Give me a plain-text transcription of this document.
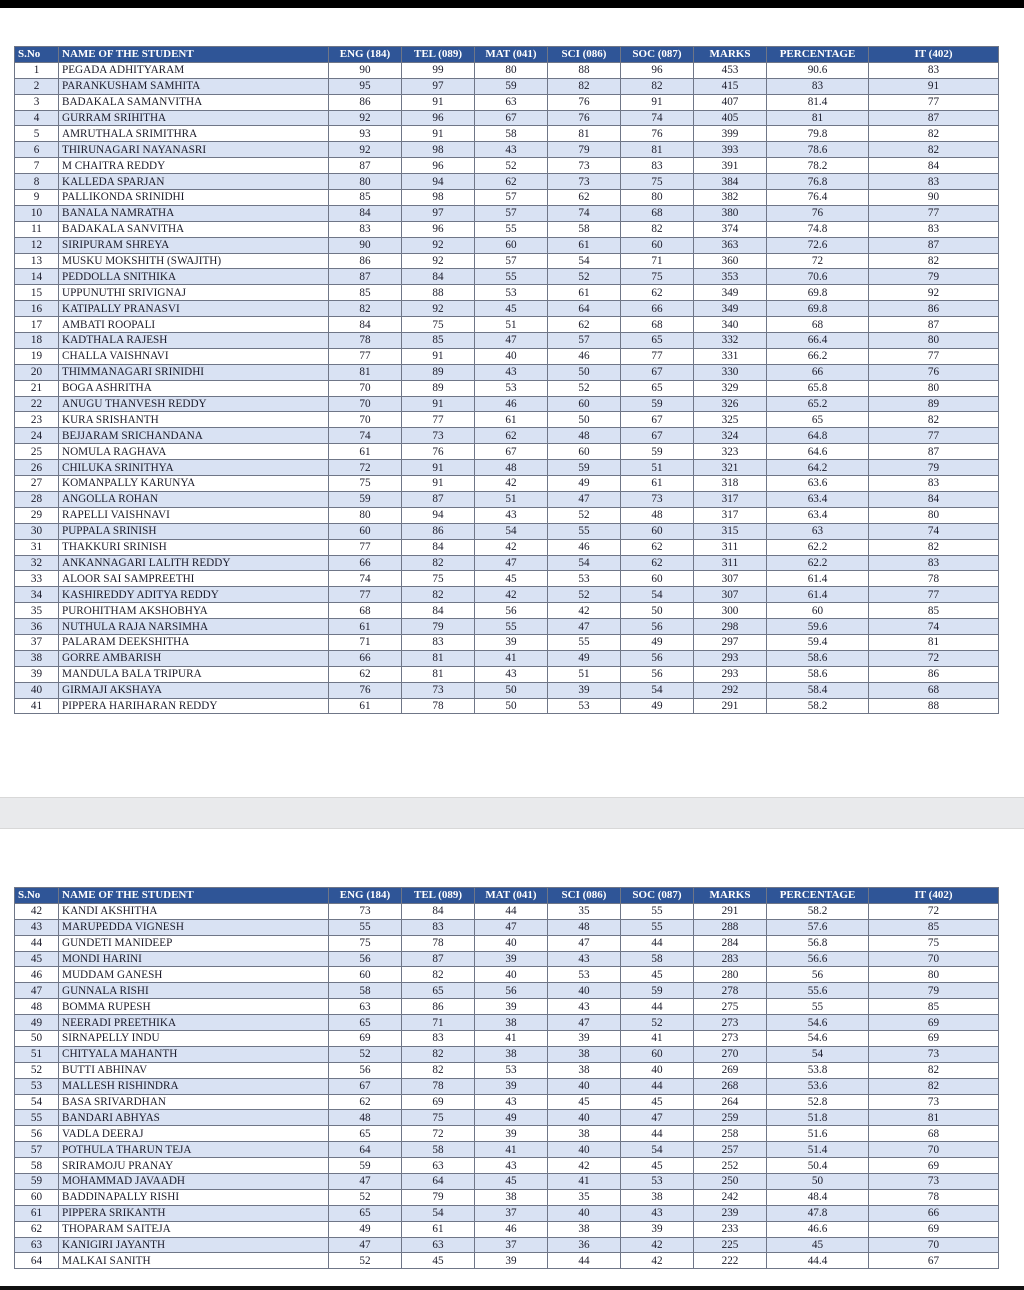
S.No	NAME OF THE STUDENT	ENG (184)	TEL (089)	MAT (041)	SCI (086)	SOC (087)	MARKS	PERCENTAGE	IT (402)
1	PEGADA ADHITYARAM	90	99	80	88	96	453	90.6	83
2	PARANKUSHAM SAMHITA	95	97	59	82	82	415	83	91
3	BADAKALA SAMANVITHA	86	91	63	76	91	407	81.4	77
4	GURRAM SRIHITHA	92	96	67	76	74	405	81	87
5	AMRUTHALA SRIMITHRA	93	91	58	81	76	399	79.8	82
6	THIRUNAGARI NAYANASRI	92	98	43	79	81	393	78.6	82
7	M CHAITRA REDDY	87	96	52	73	83	391	78.2	84
8	KALLEDA SPARJAN	80	94	62	73	75	384	76.8	83
9	PALLIKONDA SRINIDHI	85	98	57	62	80	382	76.4	90
10	BANALA NAMRATHA	84	97	57	74	68	380	76	77
11	BADAKALA SANVITHA	83	96	55	58	82	374	74.8	83
12	SIRIPURAM SHREYA	90	92	60	61	60	363	72.6	87
13	MUSKU MOKSHITH (SWAJITH)	86	92	57	54	71	360	72	82
14	PEDDOLLA SNITHIKA	87	84	55	52	75	353	70.6	79
15	UPPUNUTHI SRIVIGNAJ	85	88	53	61	62	349	69.8	92
16	KATIPALLY PRANASVI	82	92	45	64	66	349	69.8	86
17	AMBATI ROOPALI	84	75	51	62	68	340	68	87
18	KADTHALA RAJESH	78	85	47	57	65	332	66.4	80
19	CHALLA VAISHNAVI	77	91	40	46	77	331	66.2	77
20	THIMMANAGARI SRINIDHI	81	89	43	50	67	330	66	76
21	BOGA ASHRITHA	70	89	53	52	65	329	65.8	80
22	ANUGU THANVESH REDDY	70	91	46	60	59	326	65.2	89
23	KURA SRISHANTH	70	77	61	50	67	325	65	82
24	BEJJARAM SRICHANDANA	74	73	62	48	67	324	64.8	77
25	NOMULA RAGHAVA	61	76	67	60	59	323	64.6	87
26	CHILUKA SRINITHYA	72	91	48	59	51	321	64.2	79
27	KOMANPALLY KARUNYA	75	91	42	49	61	318	63.6	83
28	ANGOLLA ROHAN	59	87	51	47	73	317	63.4	84
29	RAPELLI VAISHNAVI	80	94	43	52	48	317	63.4	80
30	PUPPALA SRINISH	60	86	54	55	60	315	63	74
31	THAKKURI SRINISH	77	84	42	46	62	311	62.2	82
32	ANKANNAGARI LALITH REDDY	66	82	47	54	62	311	62.2	83
33	ALOOR SAI SAMPREETHI	74	75	45	53	60	307	61.4	78
34	KASHIREDDY ADITYA REDDY	77	82	42	52	54	307	61.4	77
35	PUROHITHAM AKSHOBHYA	68	84	56	42	50	300	60	85
36	NUTHULA RAJA NARSIMHA	61	79	55	47	56	298	59.6	74
37	PALARAM DEEKSHITHA	71	83	39	55	49	297	59.4	81
38	GORRE AMBARISH	66	81	41	49	56	293	58.6	72
39	MANDULA BALA TRIPURA	62	81	43	51	56	293	58.6	86
40	GIRMAJI AKSHAYA	76	73	50	39	54	292	58.4	68
41	PIPPERA HARIHARAN REDDY	61	78	50	53	49	291	58.2	88
S.No	NAME OF THE STUDENT	ENG (184)	TEL (089)	MAT (041)	SCI (086)	SOC (087)	MARKS	PERCENTAGE	IT (402)
42	KANDI AKSHITHA	73	84	44	35	55	291	58.2	72
43	MARUPEDDA VIGNESH	55	83	47	48	55	288	57.6	85
44	GUNDETI MANIDEEP	75	78	40	47	44	284	56.8	75
45	MONDI HARINI	56	87	39	43	58	283	56.6	70
46	MUDDAM GANESH	60	82	40	53	45	280	56	80
47	GUNNALA RISHI	58	65	56	40	59	278	55.6	79
48	BOMMA RUPESH	63	86	39	43	44	275	55	85
49	NEERADI PREETHIKA	65	71	38	47	52	273	54.6	69
50	SIRNAPELLY INDU	69	83	41	39	41	273	54.6	69
51	CHITYALA MAHANTH	52	82	38	38	60	270	54	73
52	BUTTI ABHINAV	56	82	53	38	40	269	53.8	82
53	MALLESH RISHINDRA	67	78	39	40	44	268	53.6	82
54	BASA SRIVARDHAN	62	69	43	45	45	264	52.8	73
55	BANDARI ABHYAS	48	75	49	40	47	259	51.8	81
56	VADLA DEERAJ	65	72	39	38	44	258	51.6	68
57	POTHULA THARUN TEJA	64	58	41	40	54	257	51.4	70
58	SRIRAMOJU PRANAY	59	63	43	42	45	252	50.4	69
59	MOHAMMAD JAVAADH	47	64	45	41	53	250	50	73
60	BADDINAPALLY RISHI	52	79	38	35	38	242	48.4	78
61	PIPPERA SRIKANTH	65	54	37	40	43	239	47.8	66
62	THOPARAM SAITEJA	49	61	46	38	39	233	46.6	69
63	KANIGIRI JAYANTH	47	63	37	36	42	225	45	70
64	MALKAI SANITH	52	45	39	44	42	222	44.4	67
